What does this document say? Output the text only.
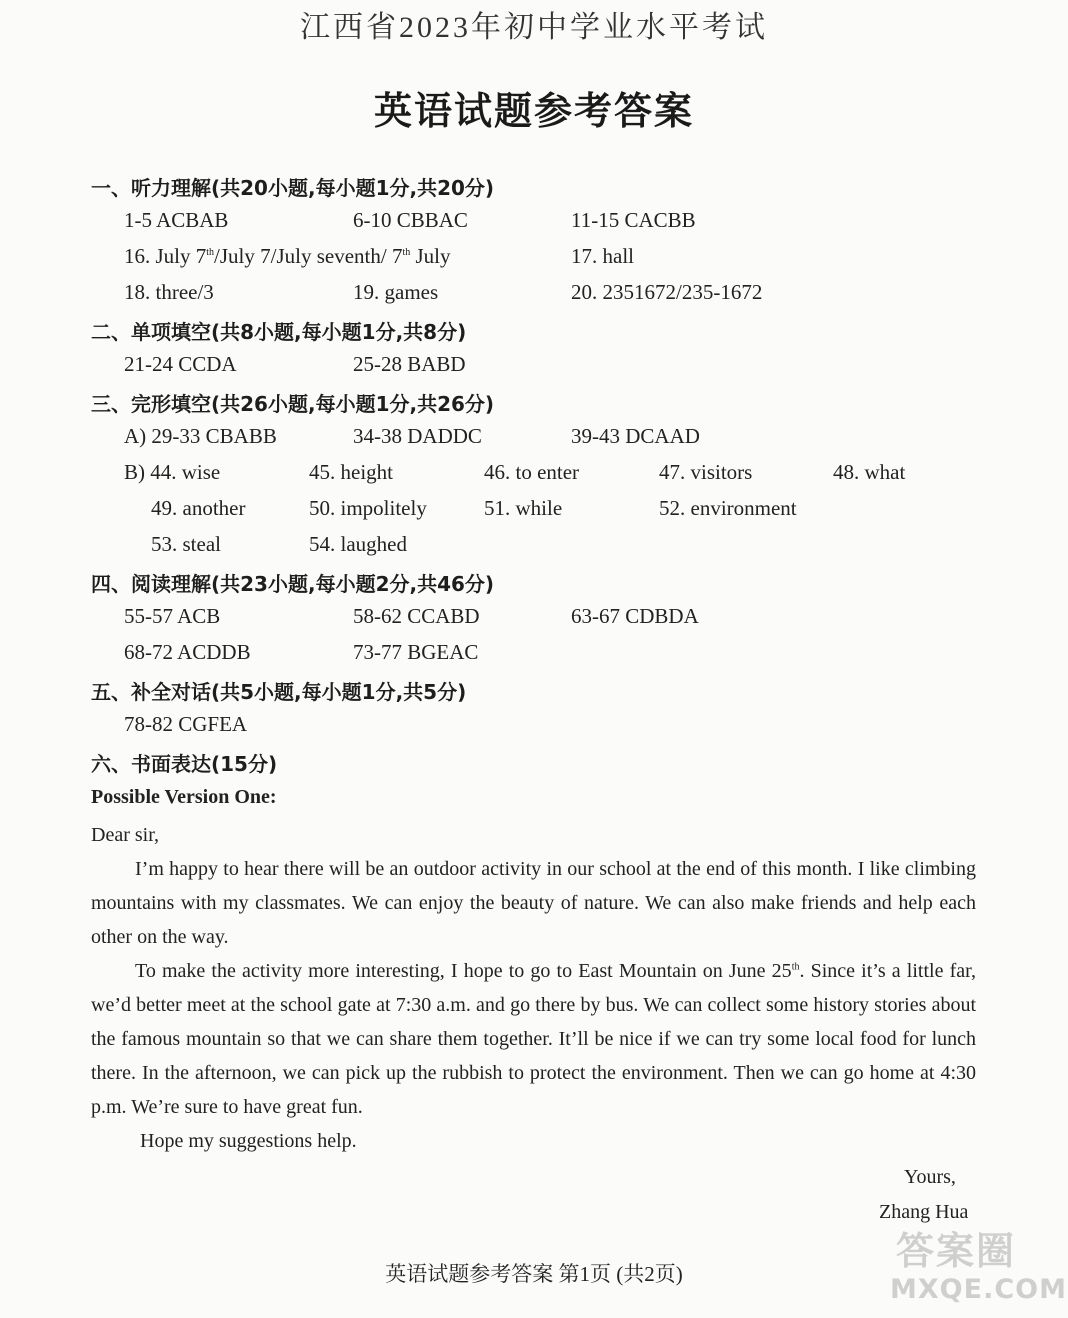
江西省2023年初中学业水平考试
英语试题参考答案
一、听力理解(共20小题,每小题1分,共20分)
1-5 ACBAB	6-10 CBBAC	11-15 CACBB
16. July 7th/July 7/July seventh/ 7th July	17. hall
18. three/3	19. games	20. 2351672/235-1672
二、单项填空(共8小题,每小题1分,共8分)
21-24 CCDA	25-28 BABD
三、完形填空(共26小题,每小题1分,共26分)
A) 29-33 CBABB	34-38 DADDC	39-43 DCAAD
B) 44. wise	45. height	46. to enter	47. visitors	48. what
49. another	50. impolitely	51. while	52. environment
53. steal	54. laughed
四、阅读理解(共23小题,每小题2分,共46分)
55-57 ACB	58-62 CCABD	63-67 CDBDA
68-72 ACDDB	73-77 BGEAC
五、补全对话(共5小题,每小题1分,共5分)
78-82 CGFEA
六、书面表达(15分)
Possible Version One:
Dear sir,

I’m happy to hear there will be an outdoor activity in our school at the end of this month. I like climbing mountains with my classmates. We can enjoy the beauty of nature. We can also make friends and help each other on the way.

To make the activity more interesting, I hope to go to East Mountain on June 25th. Since it’s a little far, we’d better meet at the school gate at 7:30 a.m. and go there by bus. We can collect some history stories about the famous mountain so that we can share them together. It’ll be nice if we can try some local food for lunch there. In the afternoon, we can pick up the rubbish to protect the environment. Then we can go home at 4:30 p.m. We’re sure to have great fun.

Hope my suggestions help.

Yours,
Zhang Hua
英语试题参考答案 第1页 (共2页)
答案圈
MXQE.COM
